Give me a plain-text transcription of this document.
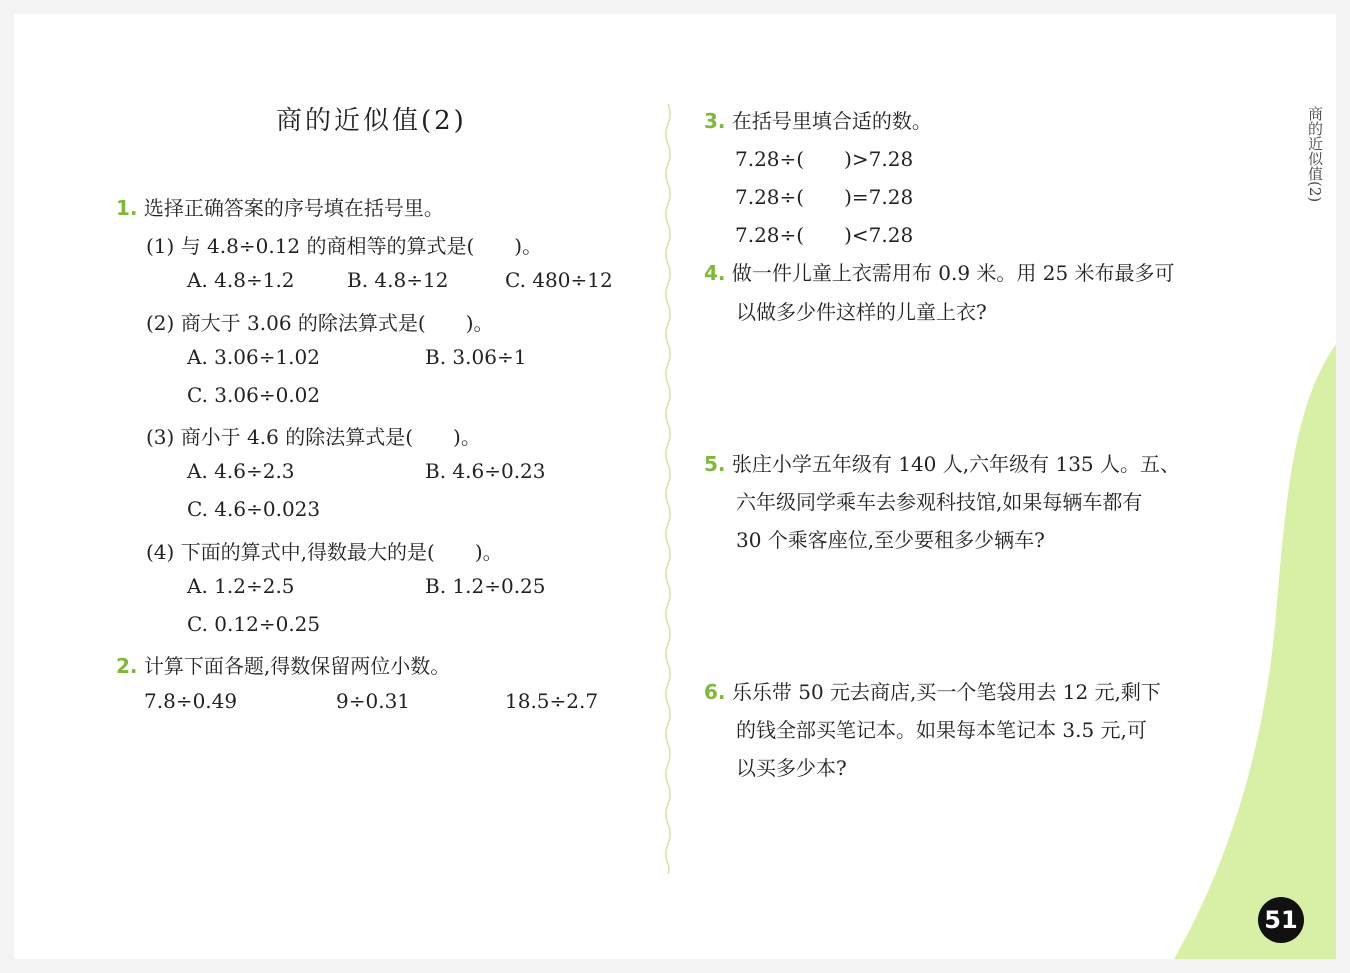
商的近似值(2)
1. 选择正确答案的序号填在括号里。
(1) 与 4.8÷0.12 的商相等的算式是(　　)。
A. 4.8÷1.2	B. 4.8÷12	C. 480÷12
(2) 商大于 3.06 的除法算式是(　　)。
A. 3.06÷1.02	B. 3.06÷1
C. 3.06÷0.02
(3) 商小于 4.6 的除法算式是(　　)。
A. 4.6÷2.3	B. 4.6÷0.23
C. 4.6÷0.023
(4) 下面的算式中,得数最大的是(　　)。
A. 1.2÷2.5	B. 1.2÷0.25
C. 0.12÷0.25
2. 计算下面各题,得数保留两位小数。
7.8÷0.49	9÷0.31	18.5÷2.7
3. 在括号里填合适的数。
7.28÷(　　)>7.28
7.28÷(　　)=7.28
7.28÷(　　)<7.28
4. 做一件儿童上衣需用布 0.9 米。用 25 米布最多可
以做多少件这样的儿童上衣?
5. 张庄小学五年级有 140 人,六年级有 135 人。五、
六年级同学乘车去参观科技馆,如果每辆车都有
30 个乘客座位,至少要租多少辆车?
6. 乐乐带 50 元去商店,买一个笔袋用去 12 元,剩下
的钱全部买笔记本。如果每本笔记本 3.5 元,可
以买多少本?
商的近似值(2)
51
